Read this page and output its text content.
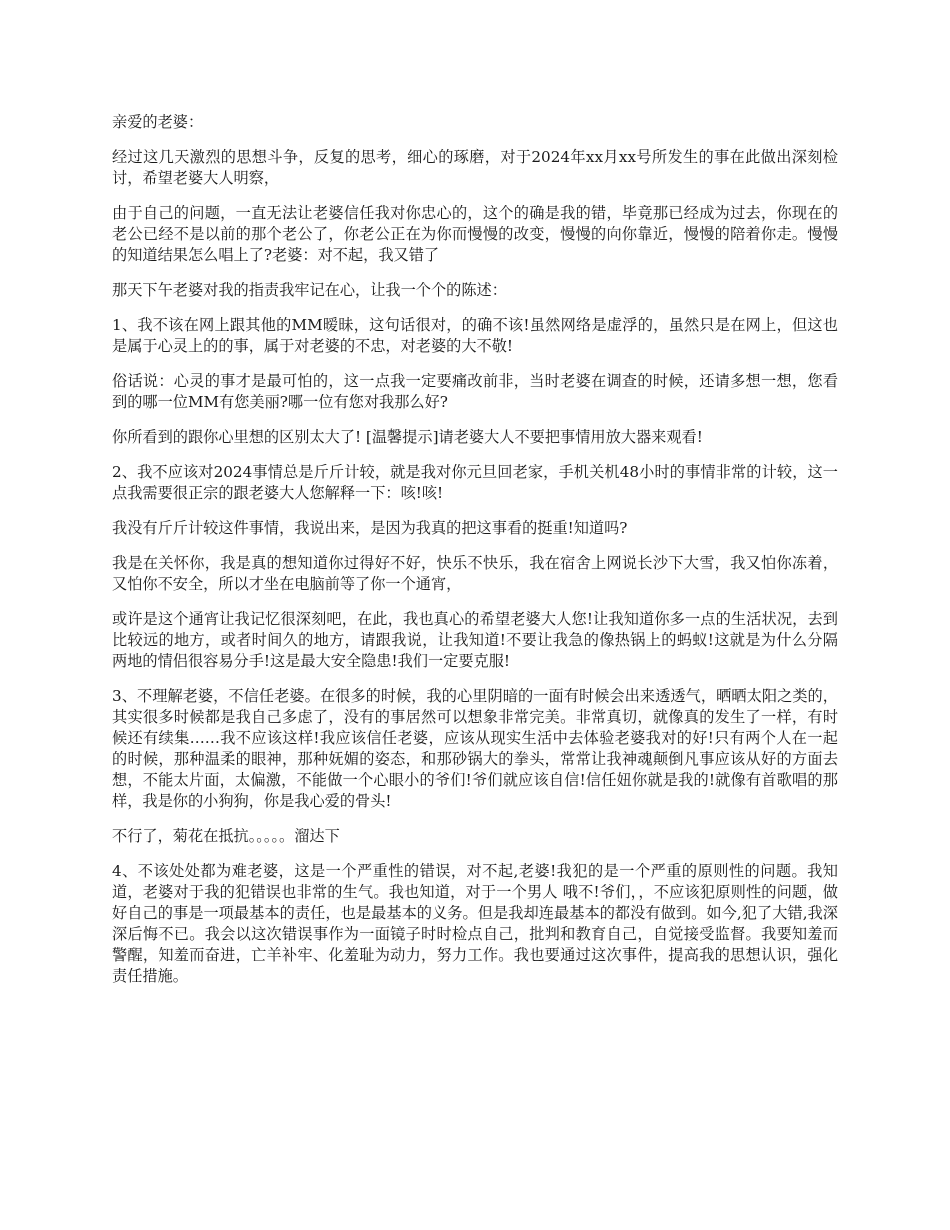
亲爱的老婆：

经过这几天激烈的思想斗争，反复的思考，细心的琢磨，对于2024年xx月xx号所发生的事在此做出深刻检讨，希望老婆大人明察，

由于自己的问题，一直无法让老婆信任我对你忠心的，这个的确是我的错，毕竟那已经成为过去，你现在的老公已经不是以前的那个老公了，你老公正在为你而慢慢的改变，慢慢的向你靠近，慢慢的陪着你走。慢慢的知道结果怎么唱上了?老婆：对不起，我又错了

那天下午老婆对我的指责我牢记在心，让我一个个的陈述：

1、我不该在网上跟其他的MM暧昧，这句话很对，的确不该!虽然网络是虚浮的，虽然只是在网上，但这也是属于心灵上的的事，属于对老婆的不忠，对老婆的大不敬!

俗话说：心灵的事才是最可怕的，这一点我一定要痛改前非，当时老婆在调查的时候，还请多想一想，您看到的哪一位MM有您美丽?哪一位有您对我那么好?

你所看到的跟你心里想的区别太大了! [温馨提示]请老婆大人不要把事情用放大器来观看!

2、我不应该对2024事情总是斤斤计较，就是我对你元旦回老家，手机关机48小时的事情非常的计较，这一点我需要很正宗的跟老婆大人您解释一下：咳!咳!

我没有斤斤计较这件事情，我说出来，是因为我真的把这事看的挺重!知道吗?

我是在关怀你，我是真的想知道你过得好不好，快乐不快乐，我在宿舍上网说长沙下大雪，我又怕你冻着，又怕你不安全，所以才坐在电脑前等了你一个通宵，

或许是这个通宵让我记忆很深刻吧，在此，我也真心的希望老婆大人您!让我知道你多一点的生活状况，去到比较远的地方，或者时间久的地方，请跟我说，让我知道!不要让我急的像热锅上的蚂蚁!这就是为什么分隔两地的情侣很容易分手!这是最大安全隐患!我们一定要克服!

3、不理解老婆，不信任老婆。在很多的时候，我的心里阴暗的一面有时候会出来透透气，晒晒太阳之类的，其实很多时候都是我自己多虑了，没有的事居然可以想象非常完美。非常真切，就像真的发生了一样，有时候还有续集……我不应该这样!我应该信任老婆，应该从现实生活中去体验老婆我对的好!只有两个人在一起的时候，那种温柔的眼神，那种妩媚的姿态，和那砂锅大的拳头，常常让我神魂颠倒凡事应该从好的方面去想，不能太片面，太偏激，不能做一个心眼小的爷们!爷们就应该自信!信任妞你就是我的!就像有首歌唱的那样，我是你的小狗狗，你是我心爱的骨头!

不行了，菊花在抵抗。。。。。溜达下

4、不该处处都为难老婆，这是一个严重性的错误，对不起,老婆!我犯的是一个严重的原则性的问题。我知道，老婆对于我的犯错误也非常的生气。我也知道，对于一个男人 哦不!爷们，，不应该犯原则性的问题，做好自己的事是一项最基本的责任，也是最基本的义务。但是我却连最基本的都没有做到。如今,犯了大错,我深深后悔不已。我会以这次错误事作为一面镜子时时检点自己，批判和教育自己，自觉接受监督。我要知羞而警醒，知羞而奋进，亡羊补牢、化羞耻为动力，努力工作。我也要通过这次事件，提高我的思想认识，强化责任措施。
